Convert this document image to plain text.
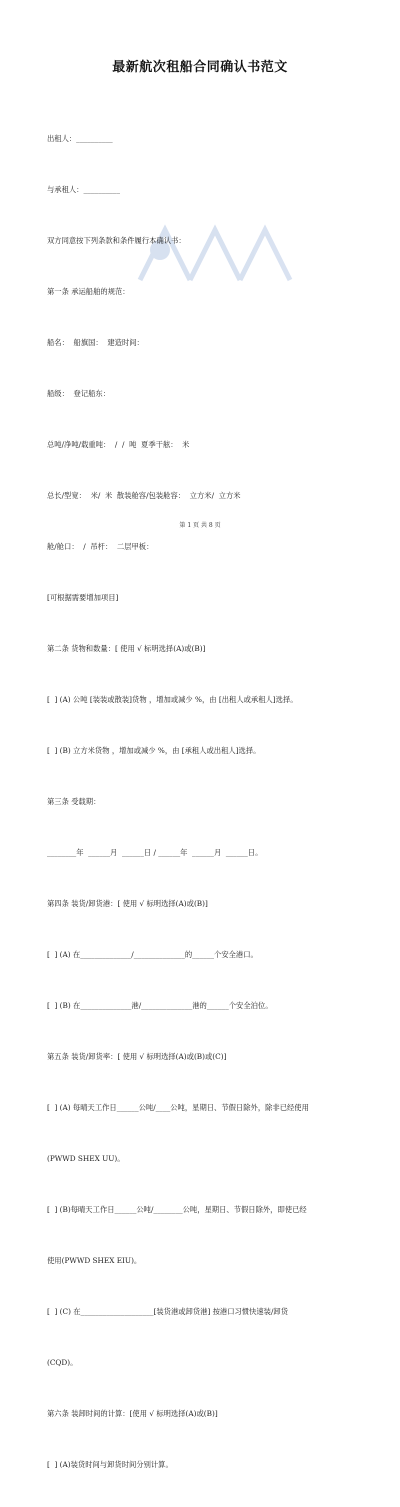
最新航次租船合同确认书范文

出租人：__________

与承租人：__________

双方同意按下列条款和条件履行本确认书：

第一条 承运船舶的规范：

船名：  船旗国：  建造时间：

船级：  登记船东：

总吨/净吨/载重吨：  /  /  吨  夏季干舷：  米

总长/型宽：  米/  米  散装舱容/包装舱容：  立方米/  立方米

舱/舱口：  /  吊杆：  二层甲板：

[可根据需要增加项目]

第二条 货物和数量：[ 使用 √ 标明选择(A)或(B)]

[  ] (A) 公吨 [装装或散装]货物 ，增加或减少 %，由 [出租人或承租人]选择。

[  ] (B) 立方米货物 ，增加或减少 %，由 [承租人或出租人]选择。

第三条 受载期：

________年  ______月  ______日 / ______年  ______月  ______日。

第四条 装货/卸货港：[ 使用 √ 标明选择(A)或(B)]

[  ] (A) 在______________/______________的______个安全港口。

[  ] (B) 在______________港/______________港的______个安全泊位。

第五条 装货/卸货率：[ 使用 √ 标明选择(A)或(B)或(C)]

[  ] (A) 每晴天工作日______公吨/____公吨，星期日、节假日除外，除非已经使用

(PWWD SHEX UU)。

[  ] (B)每晴天工作日______公吨/________公吨，星期日、节假日除外，即使已经

使用(PWWD SHEX EIU)。

[  ] (C) 在____________________[装货港或卸货港] 按港口习惯快速装/卸货

(CQD)。

第六条 装卸时间的计算：[使用 √ 标明选择(A)或(B)]

[  ] (A)装货时间与卸货时间分别计算。

第 1 页 共 8 页
